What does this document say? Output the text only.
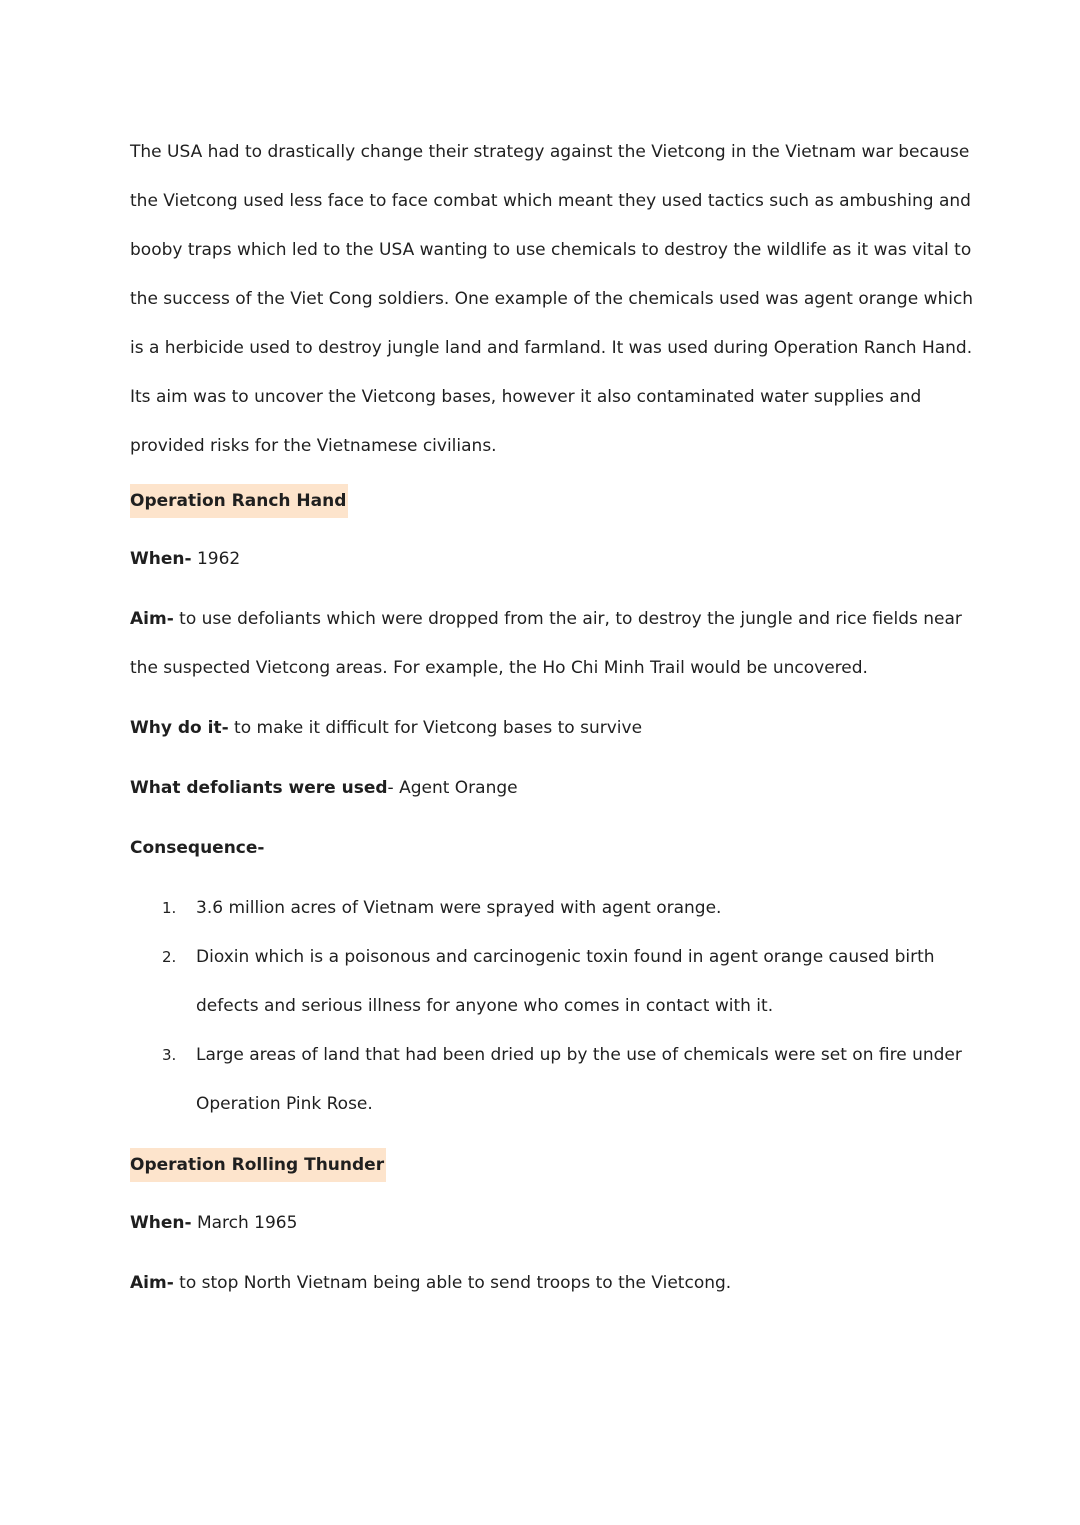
The USA had to drastically change their strategy against the Vietcong in the Vietnam war because

the Vietcong used less face to face combat which meant they used tactics such as ambushing and

booby traps which led to the USA wanting to use chemicals to destroy the wildlife as it was vital to

the success of the Viet Cong soldiers. One example of the chemicals used was agent orange which

is a herbicide used to destroy jungle land and farmland. It was used during Operation Ranch Hand.

Its aim was to uncover the Vietcong bases, however it also contaminated water supplies and

provided risks for the Vietnamese civilians.

Operation Ranch Hand
When- 1962

Aim- to use defoliants which were dropped from the air, to destroy the jungle and rice fields near

the suspected Vietcong areas. For example, the Ho Chi Minh Trail would be uncovered.

Why do it- to make it difficult for Vietcong bases to survive
What defoliants were used- Agent Orange
Consequence-
1. 3.6 million acres of Vietnam were sprayed with agent orange.

2. Dioxin which is a poisonous and carcinogenic toxin found in agent orange caused birth

defects and serious illness for anyone who comes in contact with it.

3. Large areas of land that had been dried up by the use of chemicals were set on fire under

Operation Pink Rose.

Operation Rolling Thunder
When- March 1965
Aim- to stop North Vietnam being able to send troops to the Vietcong.
